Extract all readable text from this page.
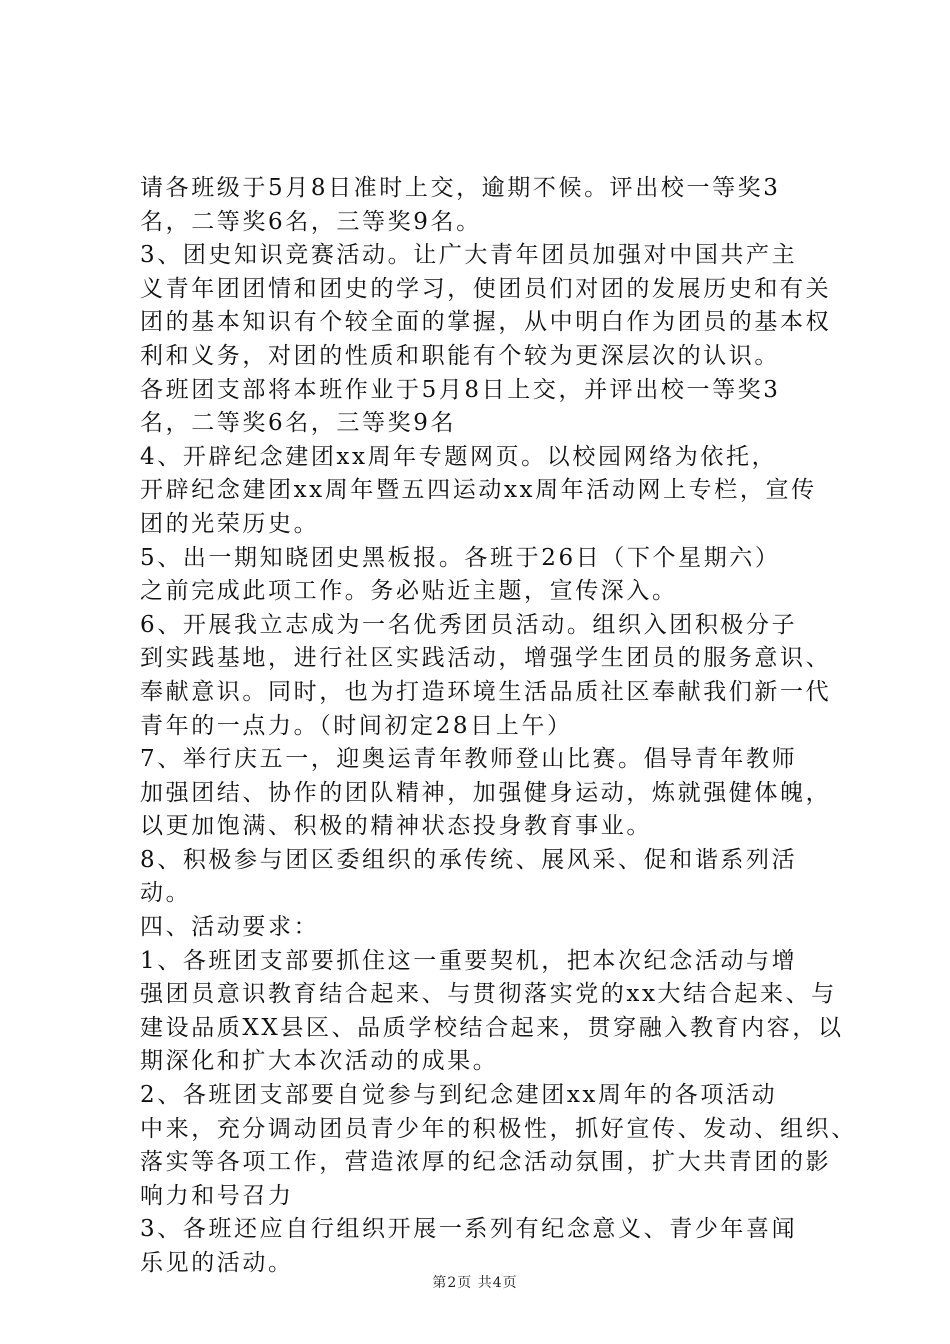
请各班级于5月8日准时上交，逾期不候。评出校一等奖3
名，二等奖6名，三等奖9名。
3、团史知识竞赛活动。让广大青年团员加强对中国共产主
义青年团团情和团史的学习，使团员们对团的发展历史和有关
团的基本知识有个较全面的掌握，从中明白作为团员的基本权
利和义务，对团的性质和职能有个较为更深层次的认识。
各班团支部将本班作业于5月8日上交，并评出校一等奖3
名，二等奖6名，三等奖9名
4、开辟纪念建团xx周年专题网页。以校园网络为依托，
开辟纪念建团xx周年暨五四运动xx周年活动网上专栏，宣传
团的光荣历史。
5、出一期知晓团史黑板报。各班于26日（下个星期六）
之前完成此项工作。务必贴近主题，宣传深入。
6、开展我立志成为一名优秀团员活动。组织入团积极分子
到实践基地，进行社区实践活动，增强学生团员的服务意识、
奉献意识。同时，也为打造环境生活品质社区奉献我们新一代
青年的一点力。（时间初定28日上午）
7、举行庆五一，迎奥运青年教师登山比赛。倡导青年教师
加强团结、协作的团队精神，加强健身运动，炼就强健体魄，
以更加饱满、积极的精神状态投身教育事业。
8、积极参与团区委组织的承传统、展风采、促和谐系列活
动。
四、活动要求：
1、各班团支部要抓住这一重要契机，把本次纪念活动与增
强团员意识教育结合起来、与贯彻落实党的xx大结合起来、与
建设品质XX县区、品质学校结合起来，贯穿融入教育内容，以
期深化和扩大本次活动的成果。
2、各班团支部要自觉参与到纪念建团xx周年的各项活动
中来，充分调动团员青少年的积极性，抓好宣传、发动、组织、
落实等各项工作，营造浓厚的纪念活动氛围，扩大共青团的影
响力和号召力
3、各班还应自行组织开展一系列有纪念意义、青少年喜闻
乐见的活动。
第2页 共4页
